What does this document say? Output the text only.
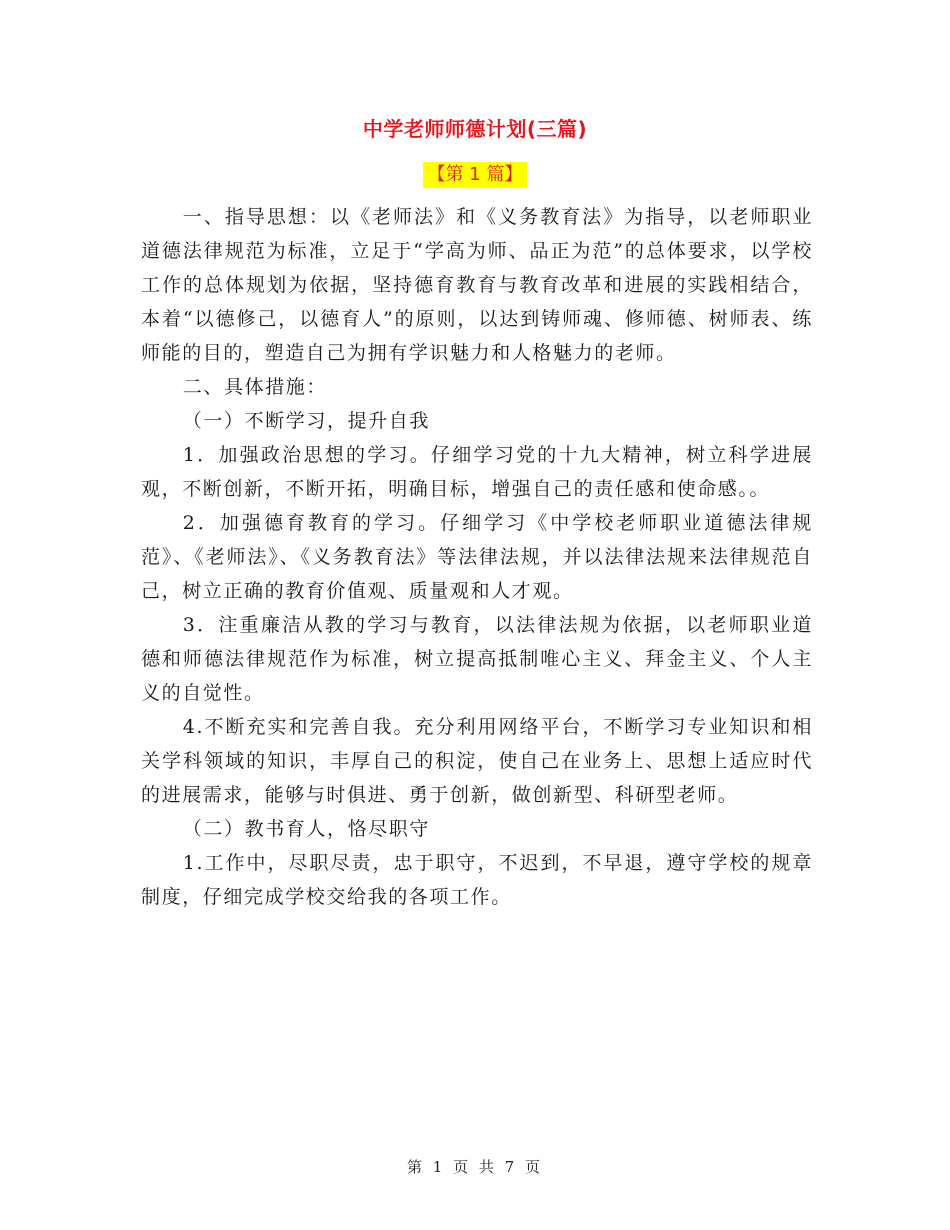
中学老师师德计划(三篇)
【第 1 篇】

一、指导思想：以《老师法》和《义务教育法》为指导，以老师职业道德法律规范为标准，立足于“学高为师、品正为范”的总体要求，以学校工作的总体规划为依据，坚持德育教育与教育改革和进展的实践相结合，本着“以德修己，以德育人”的原则，以达到铸师魂、修师德、树师表、练师能的目的，塑造自己为拥有学识魅力和人格魅力的老师。

二、具体措施：

（一）不断学习，提升自我

1．加强政治思想的学习。仔细学习党的十九大精神，树立科学进展观，不断创新，不断开拓，明确目标，增强自己的责任感和使命感。。

2．加强德育教育的学习。仔细学习《中学校老师职业道德法律规范》、《老师法》、《义务教育法》等法律法规，并以法律法规来法律规范自己，树立正确的教育价值观、质量观和人才观。

3．注重廉洁从教的学习与教育，以法律法规为依据，以老师职业道德和师德法律规范作为标准，树立提高抵制唯心主义、拜金主义、个人主义的自觉性。

4.不断充实和完善自我。充分利用网络平台，不断学习专业知识和相关学科领域的知识，丰厚自己的积淀，使自己在业务上、思想上适应时代的进展需求，能够与时俱进、勇于创新，做创新型、科研型老师。

（二）教书育人，恪尽职守

1.工作中，尽职尽责，忠于职守，不迟到，不早退，遵守学校的规章制度，仔细完成学校交给我的各项工作。

第 1 页 共 7 页
